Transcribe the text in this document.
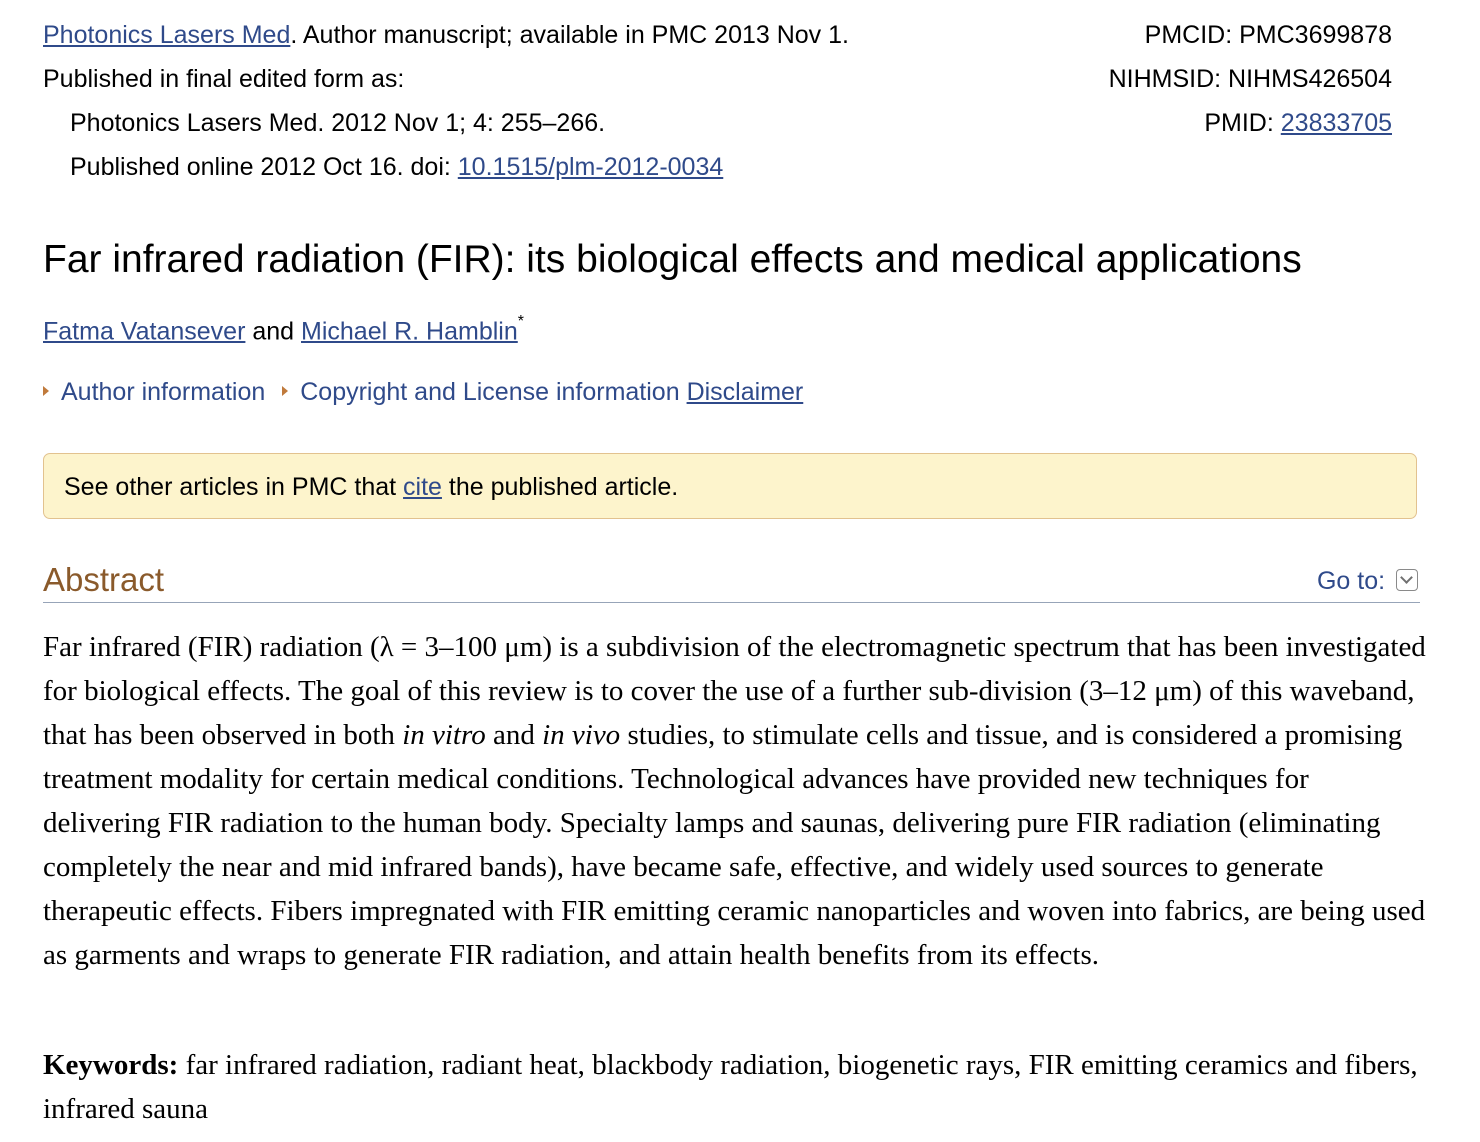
Photonics Lasers Med. Author manuscript; available in PMC 2013 Nov 1.
Published in final edited form as:
Photonics Lasers Med. 2012 Nov 1; 4: 255–266.
Published online 2012 Oct 16. doi: 10.1515/plm-2012-0034
PMCID: PMC3699878
NIHMSID: NIHMS426504
PMID: 23833705
Far infrared radiation (FIR): its biological effects and medical applications
Fatma Vatansever and Michael R. Hamblin*
Author information Copyright and License information Disclaimer
See other articles in PMC that cite the published article.
Abstract	Go to:

Far infrared (FIR) radiation (λ = 3–100 μm) is a subdivision of the electromagnetic spectrum that has been investigated for biological effects. The goal of this review is to cover the use of a further sub-division (3–12 μm) of this waveband, that has been observed in both in vitro and in vivo studies, to stimulate cells and tissue, and is considered a promising treatment modality for certain medical conditions. Technological advances have provided new techniques for delivering FIR radiation to the human body. Specialty lamps and saunas, delivering pure FIR radiation (eliminating completely the near and mid infrared bands), have became safe, effective, and widely used sources to generate therapeutic effects. Fibers impregnated with FIR emitting ceramic nanoparticles and woven into fabrics, are being used as garments and wraps to generate FIR radiation, and attain health benefits from its effects.

Keywords: far infrared radiation, radiant heat, blackbody radiation, biogenetic rays, FIR emitting ceramics and fibers, infrared sauna
